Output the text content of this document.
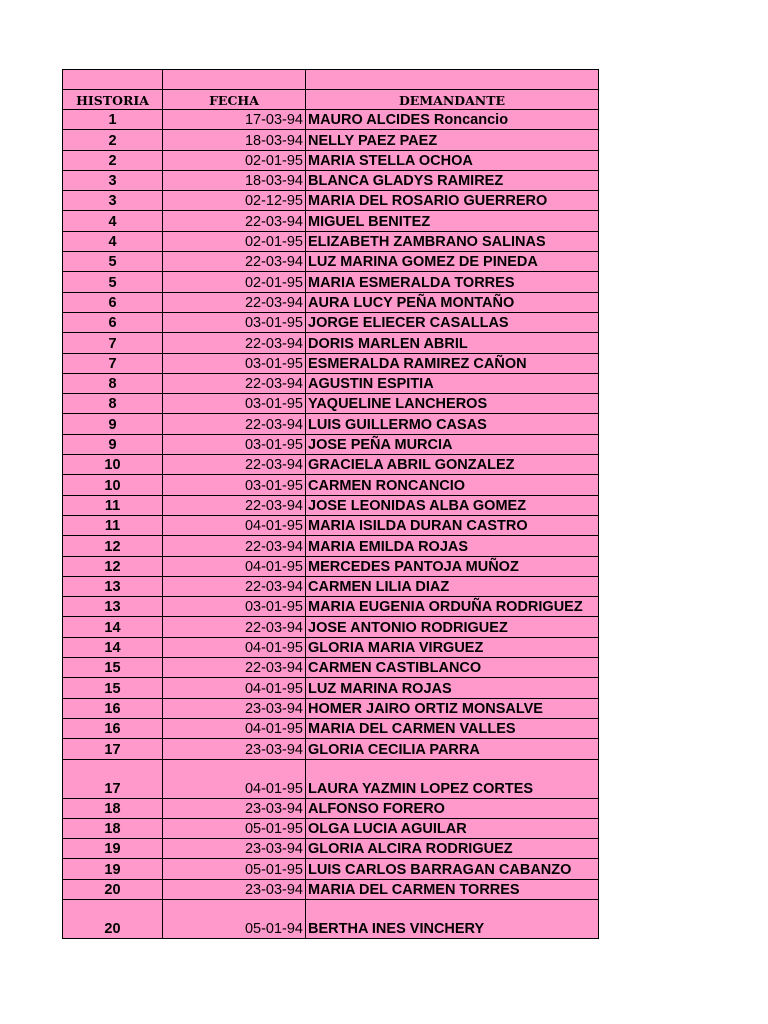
HISTORIA	FECHA	DEMANDANTE
1	17-03-94	MAURO ALCIDES Roncancio
2	18-03-94	NELLY PAEZ PAEZ
2	02-01-95	MARIA STELLA OCHOA
3	18-03-94	BLANCA GLADYS RAMIREZ
3	02-12-95	MARIA DEL ROSARIO GUERRERO
4	22-03-94	MIGUEL BENITEZ
4	02-01-95	ELIZABETH ZAMBRANO SALINAS
5	22-03-94	LUZ MARINA GOMEZ DE PINEDA
5	02-01-95	MARIA ESMERALDA TORRES
6	22-03-94	AURA LUCY PEÑA MONTAÑO
6	03-01-95	JORGE ELIECER CASALLAS
7	22-03-94	DORIS MARLEN ABRIL
7	03-01-95	ESMERALDA RAMIREZ CAÑON
8	22-03-94	AGUSTIN ESPITIA
8	03-01-95	YAQUELINE LANCHEROS
9	22-03-94	LUIS GUILLERMO CASAS
9	03-01-95	JOSE PEÑA MURCIA
10	22-03-94	GRACIELA ABRIL GONZALEZ
10	03-01-95	CARMEN RONCANCIO
11	22-03-94	JOSE LEONIDAS ALBA GOMEZ
11	04-01-95	MARIA ISILDA DURAN CASTRO
12	22-03-94	MARIA EMILDA ROJAS
12	04-01-95	MERCEDES PANTOJA MUÑOZ
13	22-03-94	CARMEN LILIA DIAZ
13	03-01-95	MARIA EUGENIA ORDUÑA RODRIGUEZ
14	22-03-94	JOSE ANTONIO RODRIGUEZ
14	04-01-95	GLORIA MARIA VIRGUEZ
15	22-03-94	CARMEN CASTIBLANCO
15	04-01-95	LUZ MARINA ROJAS
16	23-03-94	HOMER JAIRO ORTIZ MONSALVE
16	04-01-95	MARIA DEL CARMEN VALLES
17	23-03-94	GLORIA CECILIA PARRA
17	04-01-95	LAURA YAZMIN LOPEZ CORTES
18	23-03-94	ALFONSO FORERO
18	05-01-95	OLGA LUCIA AGUILAR
19	23-03-94	GLORIA ALCIRA RODRIGUEZ
19	05-01-95	LUIS CARLOS BARRAGAN CABANZO
20	23-03-94	MARIA DEL CARMEN TORRES
20	05-01-94	BERTHA INES VINCHERY
